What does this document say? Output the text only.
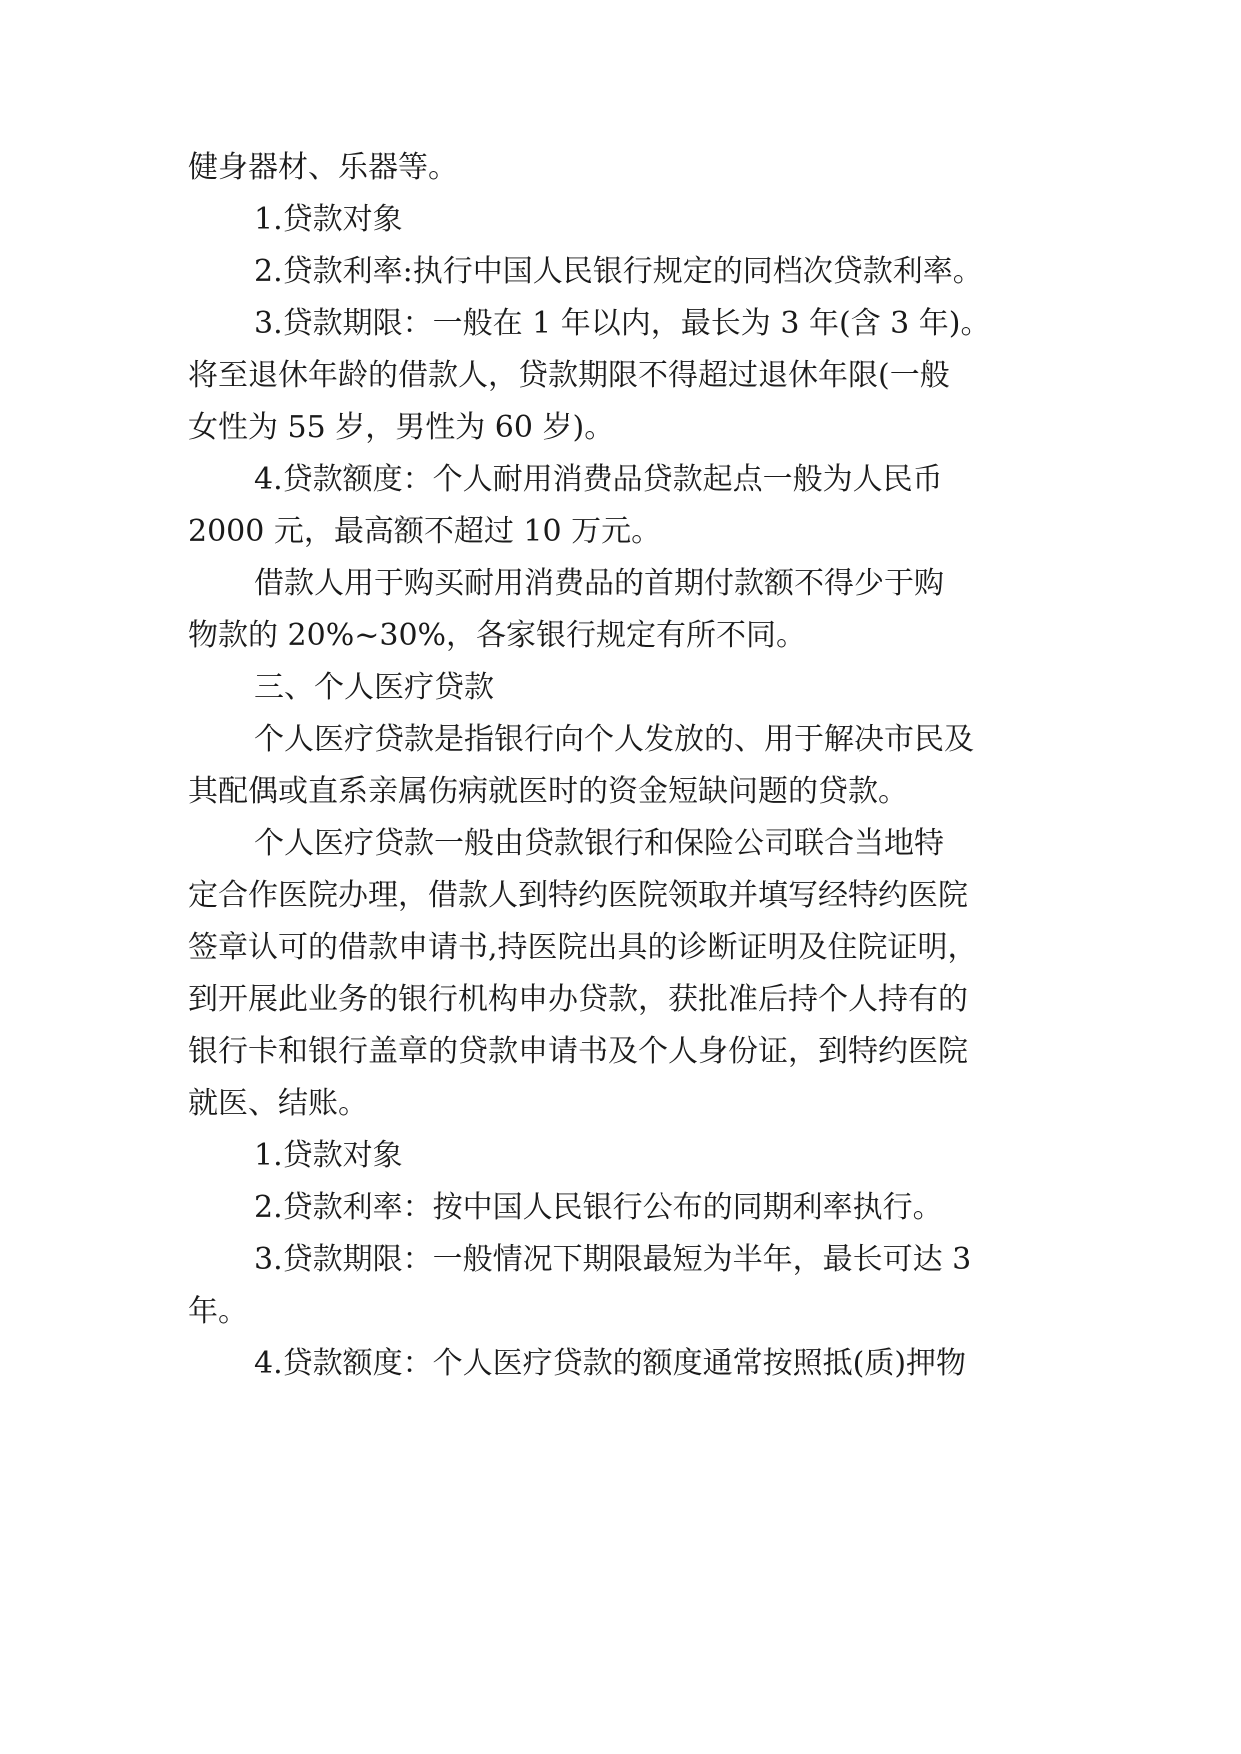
健身器材、乐器等。

1.贷款对象

2.贷款利率:执行中国人民银行规定的同档次贷款利率。

3.贷款期限：一般在 1 年以内，最长为 3 年(含 3 年)。

将至退休年龄的借款人，贷款期限不得超过退休年限(一般

女性为 55 岁，男性为 60 岁)。

4.贷款额度：个人耐用消费品贷款起点一般为人民币

2000 元，最高额不超过 10 万元。

借款人用于购买耐用消费品的首期付款额不得少于购

物款的 20%~30%，各家银行规定有所不同。

三、个人医疗贷款

个人医疗贷款是指银行向个人发放的、用于解决市民及

其配偶或直系亲属伤病就医时的资金短缺问题的贷款。

个人医疗贷款一般由贷款银行和保险公司联合当地特

定合作医院办理，借款人到特约医院领取并填写经特约医院

签章认可的借款申请书,持医院出具的诊断证明及住院证明，

到开展此业务的银行机构申办贷款，获批准后持个人持有的

银行卡和银行盖章的贷款申请书及个人身份证，到特约医院

就医、结账。

1.贷款对象

2.贷款利率：按中国人民银行公布的同期利率执行。

3.贷款期限：一般情况下期限最短为半年，最长可达 3

年。

4.贷款额度：个人医疗贷款的额度通常按照抵(质)押物
